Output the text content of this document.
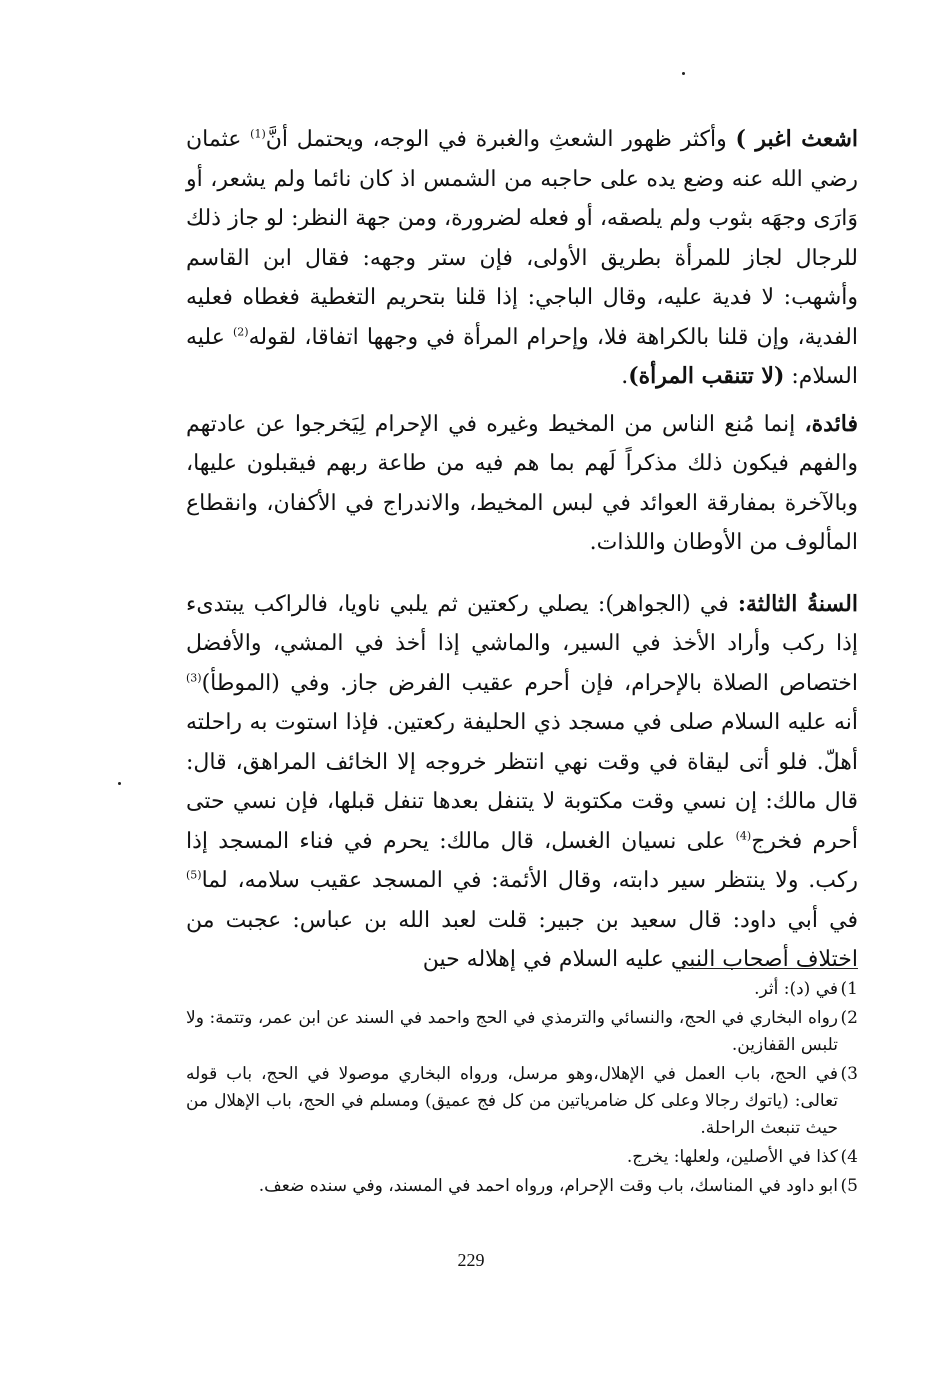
اشعث اغبر ) وأكثر ظهور الشعثِ والغبرة في الوجه، ويحتمل أنَّ$^{(1)}$ عثمان رضي الله عنه وضع يده على حاجبه من الشمس اذ كان نائما ولم يشعر، أو وَارَى وجهَه بثوب ولم يلصقه، أو فعله لضرورة، ومن جهة النظر: لو جاز ذلك للرجال لجاز للمرأة بطريق الأولى، فإن ستر وجهه: فقال ابن القاسم وأشهب: لا فدية عليه، وقال الباجي: إذا قلنا بتحريم التغطية فغطاه فعليه الفدية، وإن قلنا بالكراهة فلا، وإحرام المرأة في وجهها اتفاقا، لقوله$^{(2)}$ عليه السلام: (لا تتنقب المرأة).

فائدة، إنما مُنع الناس من المخيط وغيره في الإحرام لِيَخرجوا عن عادتهم والفهم فيكون ذلك مذكراً لَهم بما هم فيه من طاعة ربهم فيقبلون عليها، وبالآخرة بمفارقة العوائد في لبس المخيط، والاندراج في الأكفان، وانقطاع المألوف من الأوطان واللذات.

السنةُ الثالثة: في (الجواهر): يصلي ركعتين ثم يلبي ناويا، فالراكب يبتدىء إذا ركب وأراد الأخذ في السير، والماشي إذا أخذ في المشي، والأفضل اختصاص الصلاة بالإحرام، فإن أحرم عقيب الفرض جاز. وفي (الموطأ)$^{(3)}$ أنه عليه السلام صلى في مسجد ذي الحليفة ركعتين. فإذا استوت به راحلته أهلّ. فلو أتى ليقاة في وقت نهي انتظر خروجه إلا الخائف المراهق، قال: قال مالك: إن نسي وقت مكتوبة لا يتنفل بعدها تنفل قبلها، فإن نسي حتى أحرم فخرج$^{(4)}$ على نسيان الغسل، قال مالك: يحرم في فناء المسجد إذا ركب. ولا ينتظر سير دابته، وقال الأئمة: في المسجد عقيب سلامه، لما$^{(5)}$ في أبي داود: قال سعيد بن جبير: قلت لعبد الله بن عباس: عجبت من اختلاف أصحاب النبي عليه السلام في إهلاله حين

1)
في (د): أثر.
2)
رواه البخاري في الحج، والنسائي والترمذي في الحج واحمد في السند عن ابن عمر، وتتمة: ولا تلبس القفازين.
3)
في الحج، باب العمل في الإهلال،وهو مرسل، ورواه البخاري موصولا في الحج، باب قوله تعالى: (ياتوك رجالا وعلى كل ضامرياتين من كل فج عميق) ومسلم في الحج، باب الإهلال من حيث تنبعث الراحلة.
4)
كذا في الأصلين، ولعلها: يخرج.
5)
ابو داود في المناسك، باب وقت الإحرام، ورواه احمد في المسند، وفي سنده ضعف.
229
